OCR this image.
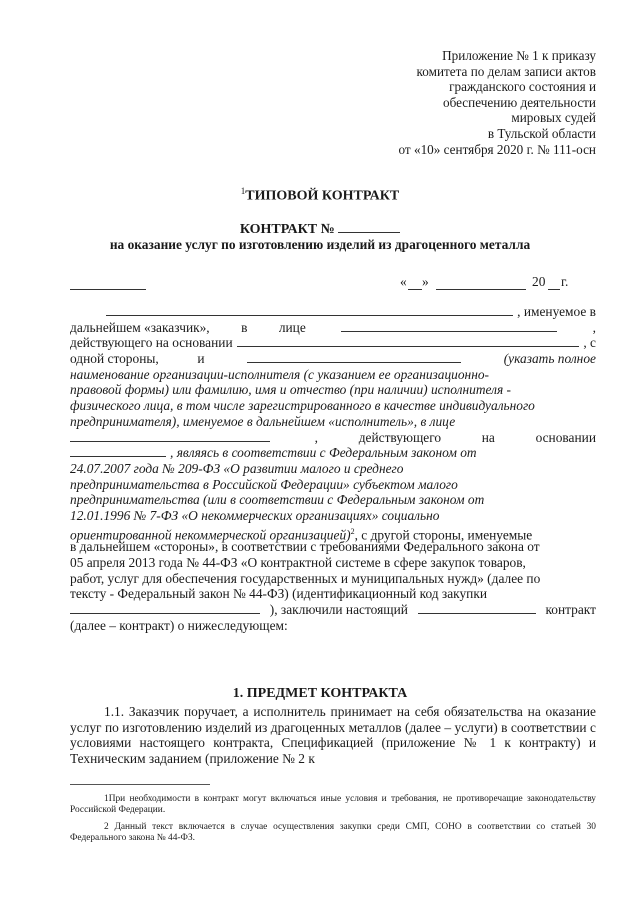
Приложение № 1 к приказу
комитета по делам записи актов
гражданского состояния и
обеспечению деятельности
мировых судей
в Тульской области
от «10» сентября 2020 г. № 111-осн
$^1$ТИПОВОЙ КОНТРАКТ
КОНТРАКТ №
на оказание услуг по изготовлению изделий из драгоценного металла
« »	20 г.
, именуемое в
дальнейшем «заказчик», в лице	,
действующего на основании	, с
одной стороны,	и	(указать полное
наименование организации-исполнителя (с указанием ее организационно-
правовой формы) или фамилию, имя и отчество (при наличии) исполнителя -
физического лица, в том числе зарегистрированного в качестве индивидуального
предпринимателя), именуемое в дальнейшем «исполнитель», в лице
,	действующего	на	основании
, являясь в соответствии с Федеральным законом от
24.07.2007 года № 209-ФЗ «О развитии малого и среднего
предпринимательства в Российской Федерации» субъектом малого
предпринимательства (или в соответствии с Федеральным законом от
12.01.1996 № 7-ФЗ «О некоммерческих организациях» социально
ориентированной некоммерческой организацией)$^2$, с другой стороны, именуемые
в дальнейшем «стороны», в соответствии с требованиями Федерального закона от
05 апреля 2013 года № 44-ФЗ «О контрактной системе в сфере закупок товаров,
работ, услуг для обеспечения государственных и муниципальных нужд» (далее по
тексту - Федеральный закон № 44-ФЗ) (идентификационный код закупки
), заключили настоящий	контракт
(далее – контракт) о нижеследующем:
1. ПРЕДМЕТ КОНТРАКТА
1.1. Заказчик поручает, а исполнитель принимает на себя обязательства на оказание услуг по изготовлению изделий из драгоценных металлов (далее – услуги) в соответствии с условиями настоящего контракта, Спецификацией (приложение № 1 к контракту) и Техническим заданием (приложение № 2 к
1При необходимости в контракт могут включаться иные условия и требования, не противоречащие законодательству Российской Федерации.
2 Данный текст включается в случае осуществления закупки среди СМП, СОНО в соответствии со статьей 30 Федерального закона № 44-ФЗ.
